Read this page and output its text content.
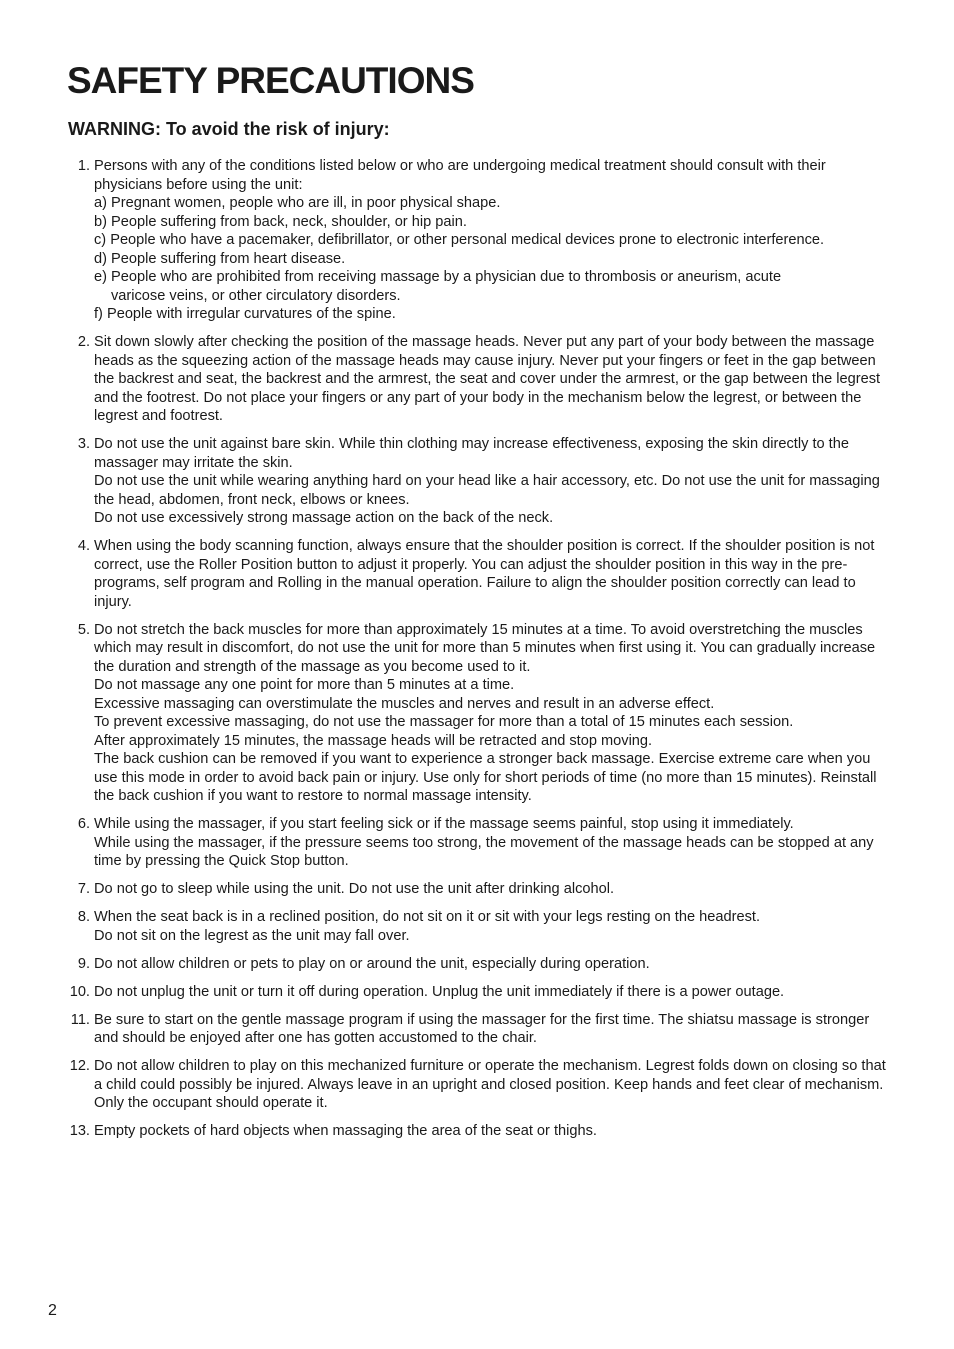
SAFETY PRECAUTIONS
WARNING: To avoid the risk of injury:
1. Persons with any of the conditions listed below or who are undergoing medical treatment should consult with their physicians before using the unit:
a) Pregnant women, people who are ill, in poor physical shape.
b) People suffering from back, neck, shoulder, or hip pain.
c) People who have a pacemaker, defibrillator, or other personal medical devices prone to electronic interference.
d) People suffering from heart disease.
e) People who are prohibited from receiving massage by a physician due to thrombosis or aneurism, acute
varicose veins, or other circulatory disorders.
f) People with irregular curvatures of the spine.
2. Sit down slowly after checking the position of the massage heads. Never put any part of your body between the massage heads as the squeezing action of the massage heads may cause injury. Never put your fingers or feet in the gap between the backrest and seat, the backrest and the armrest, the seat and cover under the armrest, or the gap between the legrest and the footrest. Do not place your fingers or any part of your body in the mechanism below the legrest, or between the legrest and footrest.
3. Do not use the unit against bare skin. While thin clothing may increase effectiveness, exposing the skin directly to the massager may irritate the skin.
Do not use the unit while wearing anything hard on your head like a hair accessory, etc. Do not use the unit for massaging the head, abdomen, front neck, elbows or knees.
Do not use excessively strong massage action on the back of the neck.
4. When using the body scanning function, always ensure that the shoulder position is correct. If the shoulder position is not correct, use the Roller Position button to adjust it properly. You can adjust the shoulder position in this way in the pre-programs, self program and Rolling in the manual operation. Failure to align the shoulder position correctly can lead to injury.
5. Do not stretch the back muscles for more than approximately 15 minutes at a time. To avoid overstretching the muscles which may result in discomfort, do not use the unit for more than 5 minutes when first using it. You can gradually increase the duration and strength of the massage as you become used to it.
Do not massage any one point for more than 5 minutes at a time.
Excessive massaging can overstimulate the muscles and nerves and result in an adverse effect.
To prevent excessive massaging, do not use the massager for more than a total of 15 minutes each session.
After approximately 15 minutes, the massage heads will be retracted and stop moving.
The back cushion can be removed if you want to experience a stronger back massage. Exercise extreme care when you use this mode in order to avoid back pain or injury. Use only for short periods of time (no more than 15 minutes). Reinstall the back cushion if you want to restore to normal massage intensity.
6. While using the massager, if you start feeling sick or if the massage seems painful, stop using it immediately.
While using the massager, if the pressure seems too strong, the movement of the massage heads can be stopped at any time by pressing the Quick Stop button.
7. Do not go to sleep while using the unit. Do not use the unit after drinking alcohol.
8. When the seat back is in a reclined position, do not sit on it or sit with your legs resting on the headrest.
Do not sit on the legrest as the unit may fall over.
9. Do not allow children or pets to play on or around the unit, especially during operation.
10. Do not unplug the unit or turn it off during operation. Unplug the unit immediately if there is a power outage.
11. Be sure to start on the gentle massage program if using the massager for the first time. The shiatsu massage is stronger and should be enjoyed after one has gotten accustomed to the chair.
12. Do not allow children to play on this mechanized furniture or operate the mechanism. Legrest folds down on closing so that a child could possibly be injured. Always leave in an upright and closed position. Keep hands and feet clear of mechanism. Only the occupant should operate it.
13. Empty pockets of hard objects when massaging the area of the seat or thighs.
2
